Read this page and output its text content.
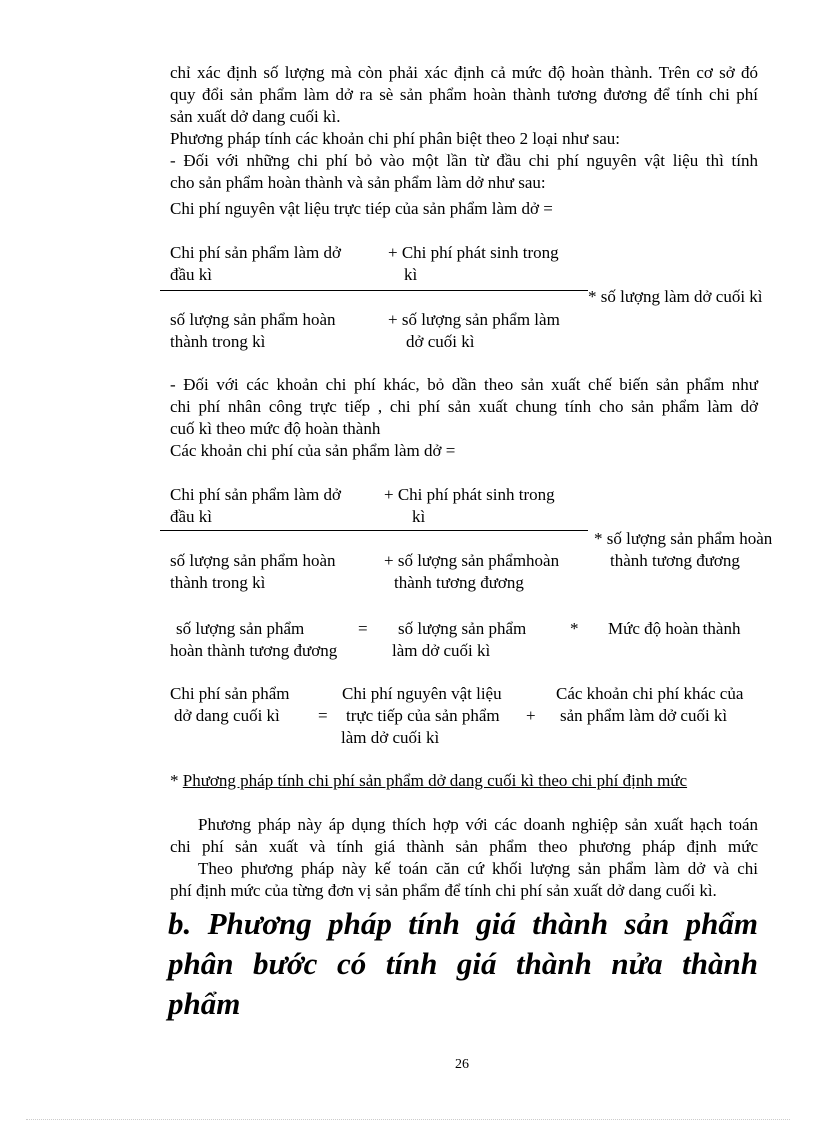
chỉ xác định số lượng mà còn phải xác định cả mức độ hoàn thành. Trên cơ sở đó
quy đổi sản phẩm làm dở ra sè sản phẩm hoàn thành tương đương để tính chi phí
sản xuất dở dang cuối kì.
Phương pháp tính các khoản chi phí phân biệt theo 2 loại như sau:
- Đối với những chi phí bỏ vào một lần từ đầu chi phí nguyên vật liệu thì tính
cho sản phẩm hoàn thành và sản phẩm làm dở như sau:
Chi phí nguyên vật liệu trực tiép của sản phẩm làm dở =
Chi phí sản phẩm làm dở
đầu kì
+ Chi phí phát sinh trong
kì
* số lượng làm dở cuối kì
số lượng sản phẩm hoàn
thành trong kì
+ số lượng sản phẩm làm
dở cuối kì
- Đối với các khoản chi phí khác, bỏ dần theo sản xuất chế biến sản phẩm như
chi phí nhân công trực tiếp , chi phí sản xuất chung tính cho sản phẩm làm dở
cuố kì theo mức độ hoàn thành
Các khoản chi phí của sản phẩm làm dở =
Chi phí sản phẩm làm dở
đầu kì
+ Chi phí phát sinh trong
kì
* số lượng sản phẩm hoàn
thành tương đương
số lượng sản phẩm hoàn
thành trong kì
+ số lượng sản phẩmhoàn
thành tương đương
số lượng sản phẩm
hoàn thành tương đương
= số lượng sản phẩm
làm dở cuối kì
* Mức độ hoàn thành
Chi phí sản phẩm
dở dang cuối kì =
Chi phí nguyên vật liệu
trực tiếp của sản phẩm
làm dở cuối kì
+
Các khoản chi phí khác của
sản phẩm làm dở cuối kì
* Phương pháp tính chi phí sản phẩm dở dang cuối kì theo chi phí định mức
Phương pháp này áp dụng thích hợp với các doanh nghiệp sản xuất hạch toán
chi phí sản xuất và tính giá thành sản phẩm theo phương pháp định mức
Theo phương pháp này kế toán căn cứ khối lượng sản phẩm làm dở và chi
phí định mức của từng đơn vị sản phẩm để tính chi phí sản xuất dở dang cuối kì.
b. Phương pháp tính giá thành sản phẩm
phân bước có tính giá thành nửa thành
phẩm
26
